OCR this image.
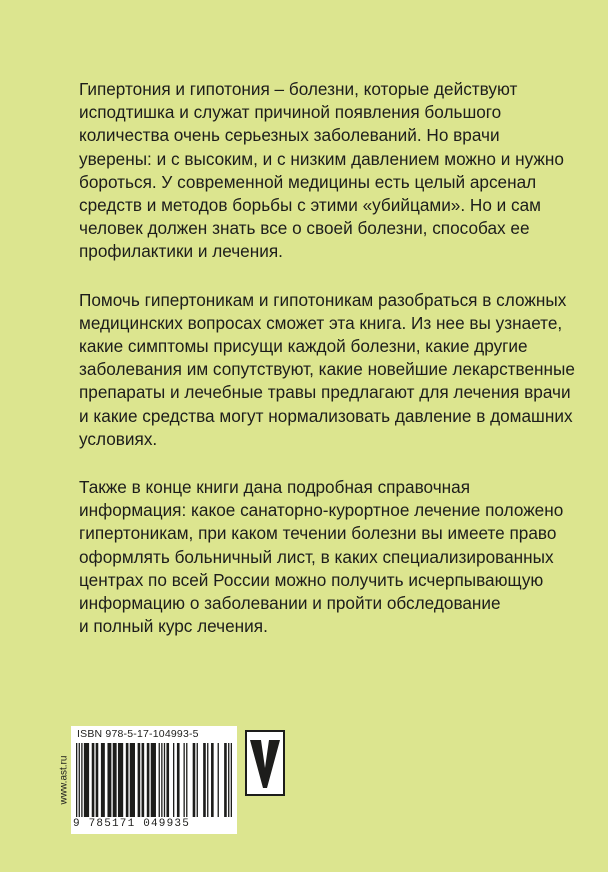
Гипертония и гипотония – болезни, которые действуют
исподтишка и служат причиной появления большого
количества очень серьезных заболеваний. Но врачи
уверены: и с высоким, и с низким давлением можно и нужно
бороться. У современной медицины есть целый арсенал
средств и методов борьбы с этими «убийцами». Но и сам
человек должен знать все о своей болезни, способах ее
профилактики и лечения.

Помочь гипертоникам и гипотоникам разобраться в сложных
медицинских вопросах сможет эта книга. Из нее вы узнаете,
какие симптомы присущи каждой болезни, какие другие
заболевания им сопутствуют, какие новейшие лекарственные
препараты и лечебные травы предлагают для лечения врачи
и какие средства могут нормализовать давление в домашних
условиях.

Также в конце книги дана подробная справочная
информация: какое санаторно-курортное лечение положено
гипертоникам, при каком течении болезни вы имеете право
оформлять больничный лист, в каких специализированных
центрах по всей России можно получить исчерпывающую
информацию о заболевании и пройти обследование
и полный курс лечения.

www.ast.ru
ISBN 978-5-17-104993-5
9 785171 049935
